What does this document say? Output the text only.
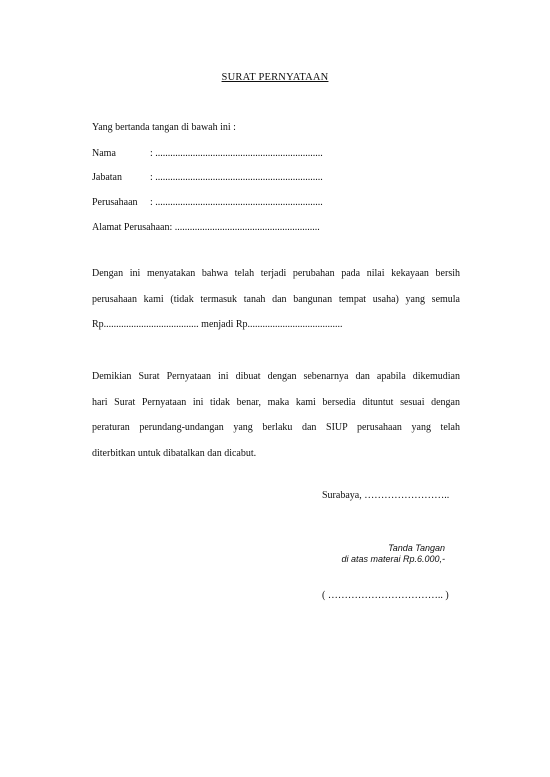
SURAT PERNYATAAN
Yang bertanda tangan di bawah ini :
Nama	: ...................................................................
Jabatan	: ...................................................................
Perusahaan : ...................................................................
Alamat Perusahaan: ..........................................................
Dengan ini menyatakan bahwa telah terjadi perubahan pada nilai kekayaan bersih
perusahaan kami (tidak termasuk tanah dan bangunan tempat usaha) yang semula
Rp...................................... menjadi Rp......................................
Demikian Surat Pernyataan ini dibuat dengan sebenarnya dan apabila dikemudian
hari Surat Pernyataan ini tidak benar, maka kami bersedia dituntut sesuai dengan
peraturan perundang-undangan yang berlaku dan SIUP perusahaan yang telah
diterbitkan untuk dibatalkan dan dicabut.
Surabaya, ……………………..
Tanda Tangan
di atas materai Rp.6.000,-
( …………………………….. )
